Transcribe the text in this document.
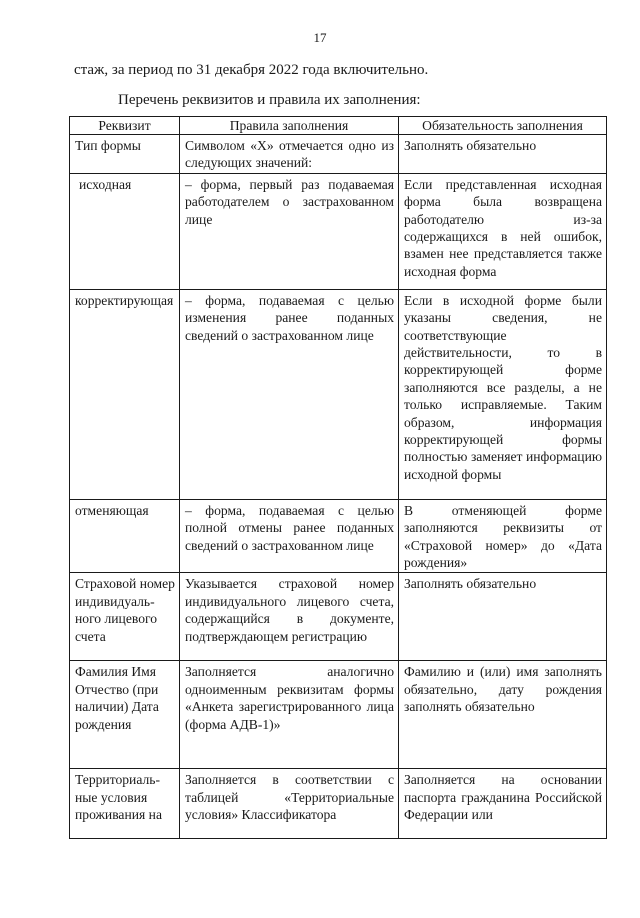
17
стаж, за период по 31 декабря 2022 года включительно.
Перечень реквизитов и правила их заполнения:
Реквизит	Правила заполнения	Обязательность заполнения
Тип формы	Символом «X» отмечается одно из следующих значений:	Заполнять обязательно
исходная	– форма, первый раз подаваемая работодателем о застрахованном лице	Если представленная исходная форма была возвращена работодателю из-за содержащихся в ней ошибок, взамен нее представляется также исходная форма
корректирующая	– форма, подаваемая с целью изменения ранее поданных сведений о застрахованном лице	Если в исходной форме были указаны сведения, не соответствующие действительности, то в корректирующей форме заполняются все разделы, а не только исправляемые. Таким образом, информация корректирующей формы полностью заменяет информацию исходной формы
отменяющая	– форма, подаваемая с целью полной отмены ранее поданных сведений о застрахованном лице	В отменяющей форме заполняются реквизиты от «Страховой номер» до «Дата рождения»
Страховой номер индивидуаль-ного лицевого счета	Указывается страховой номер индивидуального лицевого счета, содержащийся в документе, подтверждающем регистрацию	Заполнять обязательно
Фамилия Имя Отчество (при наличии) Дата рождения	Заполняется аналогично одноименным реквизитам формы «Анкета зарегистрированного лица (форма АДВ-1)»	Фамилию и (или) имя заполнять обязательно, дату рождения заполнять обязательно
Территориаль-ные условия проживания на	Заполняется в соответствии с таблицей «Территориальные условия» Классификатора	Заполняется на основании паспорта гражданина Российской Федерации или
